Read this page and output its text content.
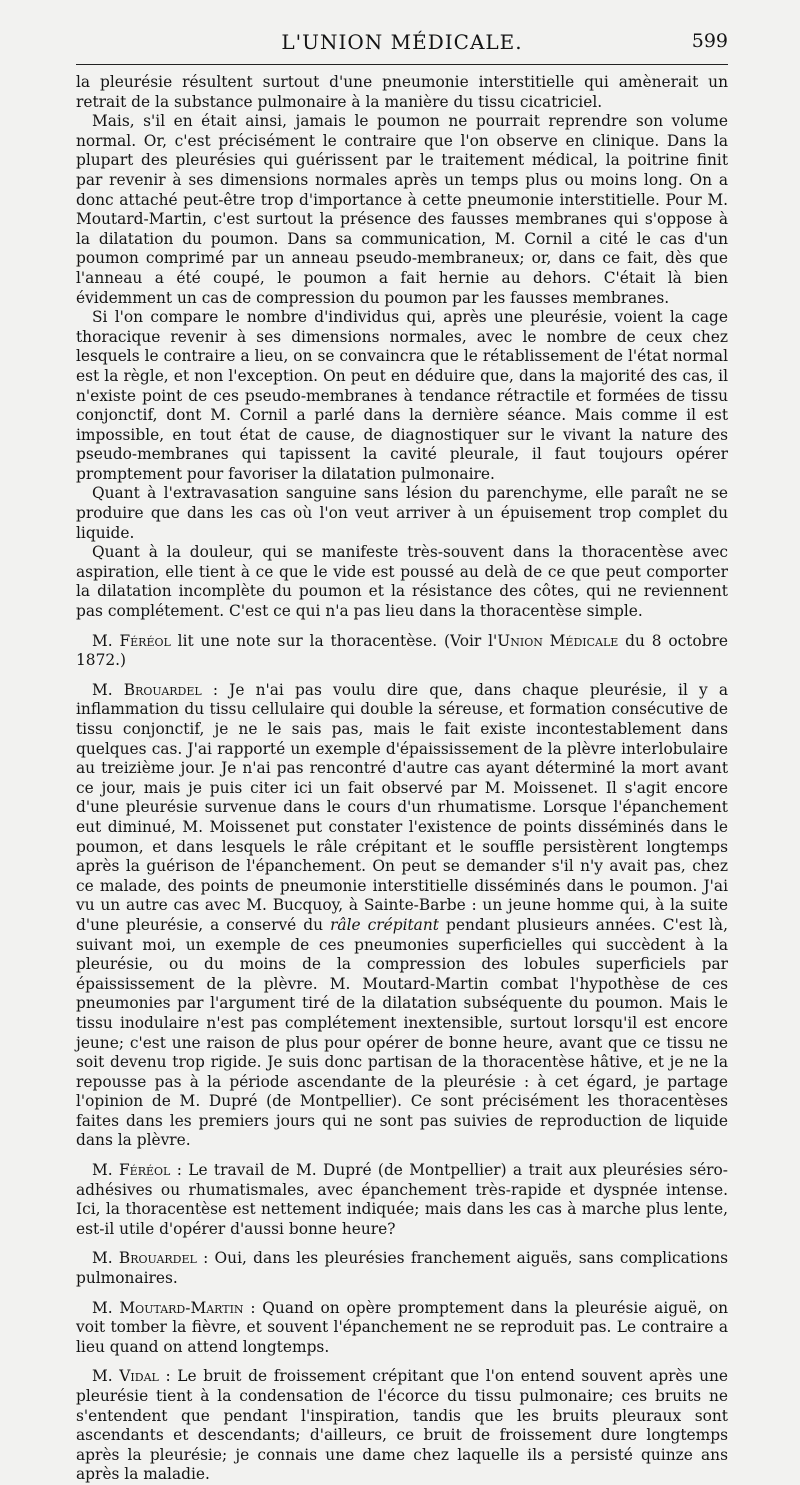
L'UNION MÉDICALE.	599

la pleurésie résultent surtout d'une pneumonie interstitielle qui amènerait un retrait de la substance pulmonaire à la manière du tissu cicatriciel.

Mais, s'il en était ainsi, jamais le poumon ne pourrait reprendre son volume normal. Or, c'est précisément le contraire que l'on observe en clinique. Dans la plupart des pleurésies qui guérissent par le traitement médical, la poitrine finit par revenir à ses dimensions normales après un temps plus ou moins long. On a donc attaché peut-être trop d'importance à cette pneumonie interstitielle. Pour M. Moutard-Martin, c'est surtout la présence des fausses membranes qui s'oppose à la dilatation du poumon. Dans sa communication, M. Cornil a cité le cas d'un poumon comprimé par un anneau pseudo-membraneux; or, dans ce fait, dès que l'anneau a été coupé, le poumon a fait hernie au dehors. C'était là bien évidemment un cas de compression du poumon par les fausses membranes.

Si l'on compare le nombre d'individus qui, après une pleurésie, voient la cage thoracique revenir à ses dimensions normales, avec le nombre de ceux chez lesquels le contraire a lieu, on se convaincra que le rétablissement de l'état normal est la règle, et non l'exception. On peut en déduire que, dans la majorité des cas, il n'existe point de ces pseudo-membranes à tendance rétractile et formées de tissu conjonctif, dont M. Cornil a parlé dans la dernière séance. Mais comme il est impossible, en tout état de cause, de diagnostiquer sur le vivant la nature des pseudo-membranes qui tapissent la cavité pleurale, il faut toujours opérer promptement pour favoriser la dilatation pulmonaire.

Quant à l'extravasation sanguine sans lésion du parenchyme, elle paraît ne se produire que dans les cas où l'on veut arriver à un épuisement trop complet du liquide.

Quant à la douleur, qui se manifeste très-souvent dans la thoracentèse avec aspiration, elle tient à ce que le vide est poussé au delà de ce que peut comporter la dilatation incomplète du poumon et la résistance des côtes, qui ne reviennent pas complétement. C'est ce qui n'a pas lieu dans la thoracentèse simple.

M. Féréol lit une note sur la thoracentèse. (Voir l'Union Médicale du 8 octobre 1872.)

M. Brouardel : Je n'ai pas voulu dire que, dans chaque pleurésie, il y a inflammation du tissu cellulaire qui double la séreuse, et formation consécutive de tissu conjonctif, je ne le sais pas, mais le fait existe incontestablement dans quelques cas. J'ai rapporté un exemple d'épaississement de la plèvre interlobulaire au treizième jour. Je n'ai pas rencontré d'autre cas ayant déterminé la mort avant ce jour, mais je puis citer ici un fait observé par M. Moissenet. Il s'agit encore d'une pleurésie survenue dans le cours d'un rhumatisme. Lorsque l'épanchement eut diminué, M. Moissenet put constater l'existence de points disséminés dans le poumon, et dans lesquels le râle crépitant et le souffle persistèrent longtemps après la guérison de l'épanchement. On peut se demander s'il n'y avait pas, chez ce malade, des points de pneumonie interstitielle disséminés dans le poumon. J'ai vu un autre cas avec M. Bucquoy, à Sainte-Barbe : un jeune homme qui, à la suite d'une pleurésie, a conservé du râle crépitant pendant plusieurs années. C'est là, suivant moi, un exemple de ces pneumonies superficielles qui succèdent à la pleurésie, ou du moins de la compression des lobules superficiels par épaississement de la plèvre. M. Moutard-Martin combat l'hypothèse de ces pneumonies par l'argument tiré de la dilatation subséquente du poumon. Mais le tissu inodulaire n'est pas complétement inextensible, surtout lorsqu'il est encore jeune; c'est une raison de plus pour opérer de bonne heure, avant que ce tissu ne soit devenu trop rigide. Je suis donc partisan de la thoracentèse hâtive, et je ne la repousse pas à la période ascendante de la pleurésie : à cet égard, je partage l'opinion de M. Dupré (de Montpellier). Ce sont précisément les thoracentèses faites dans les premiers jours qui ne sont pas suivies de reproduction de liquide dans la plèvre.

M. Féréol : Le travail de M. Dupré (de Montpellier) a trait aux pleurésies séro-adhésives ou rhumatismales, avec épanchement très-rapide et dyspnée intense. Ici, la thoracentèse est nettement indiquée; mais dans les cas à marche plus lente, est-il utile d'opérer d'aussi bonne heure?

M. Brouardel : Oui, dans les pleurésies franchement aiguës, sans complications pulmonaires.

M. Moutard-Martin : Quand on opère promptement dans la pleurésie aiguë, on voit tomber la fièvre, et souvent l'épanchement ne se reproduit pas. Le contraire a lieu quand on attend longtemps.

M. Vidal : Le bruit de froissement crépitant que l'on entend souvent après une pleurésie tient à la condensation de l'écorce du tissu pulmonaire; ces bruits ne s'entendent que pendant l'inspiration, tandis que les bruits pleuraux sont ascendants et descendants; d'ailleurs, ce bruit de froissement dure longtemps après la pleurésie; je connais une dame chez laquelle ils a persisté quinze ans après la maladie.
